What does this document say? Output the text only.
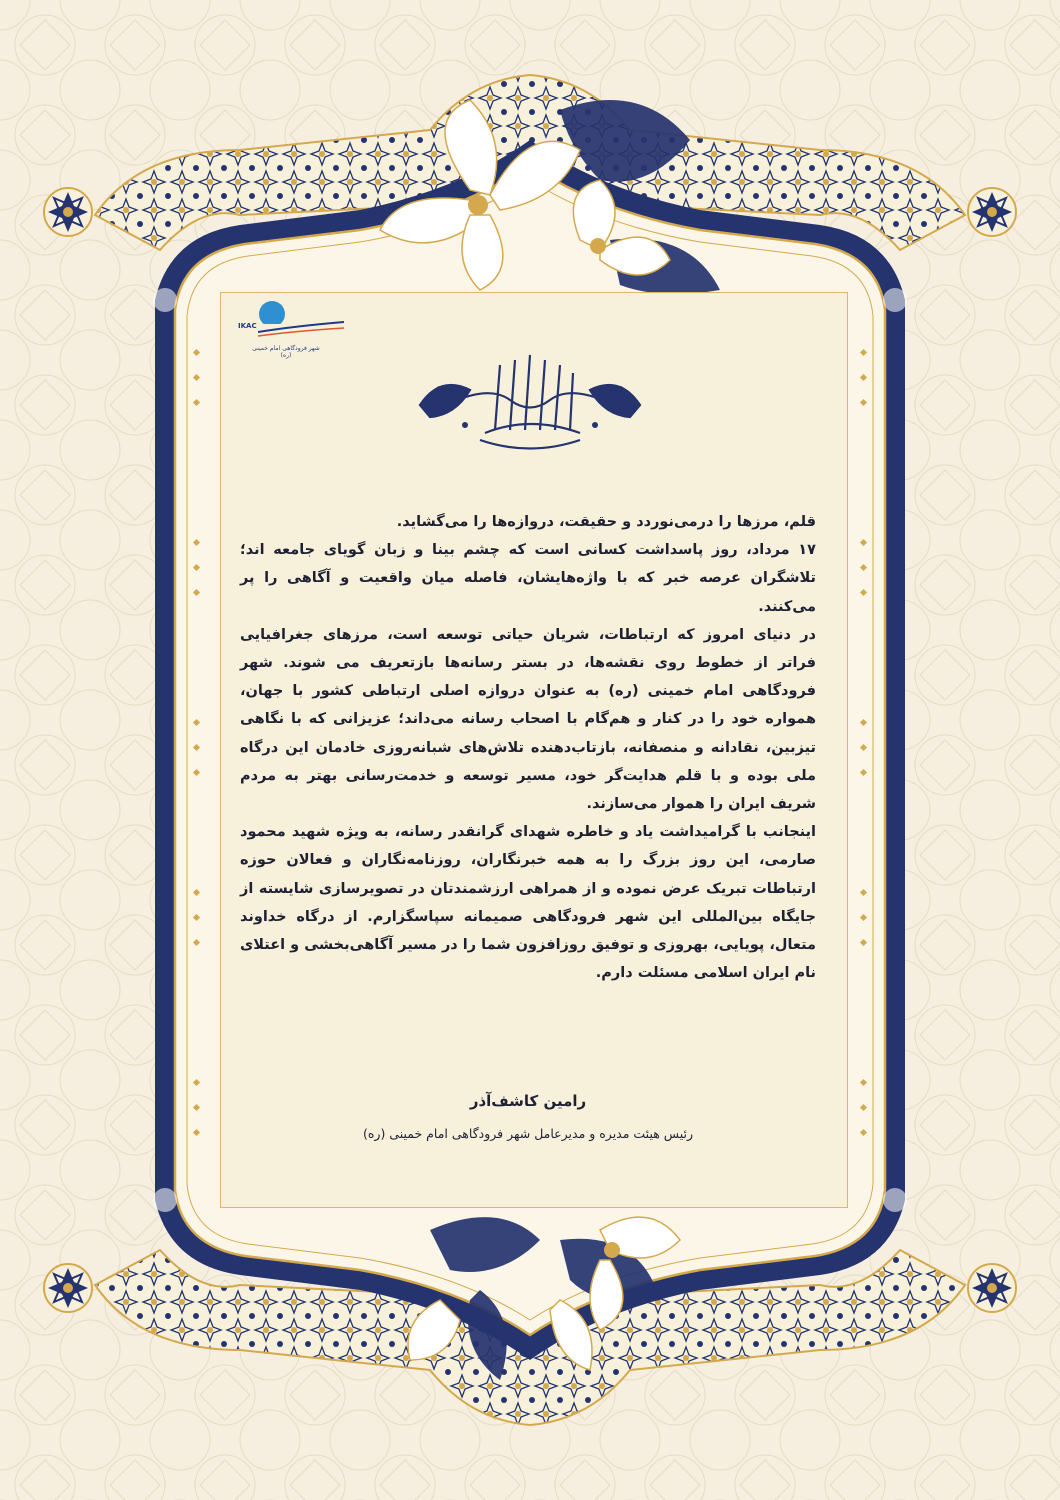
IKAC
شهر فرودگاهی امام خمینی (ره)

قلم، مرزها را درمی‌نوردد و حقیقت، دروازه‌ها را می‌گشاید.

۱۷ مرداد، روز پاسداشت کسانی است که چشم بینا و زبان گویای جامعه اند؛ تلاشگران عرصه خبر که با واژه‌هایشان، فاصله میان واقعیت و آگاهی را پر می‌کنند.

در دنیای امروز که ارتباطات، شریان حیاتی توسعه است، مرزهای جغرافیایی فراتر از خطوط روی نقشه‌ها، در بستر رسانه‌ها بازتعریف می شوند. شهر فرودگاهی امام خمینی (ره) به عنوان دروازه اصلی ارتباطی کشور با جهان، همواره خود را در کنار و هم‌گام با اصحاب رسانه می‌داند؛ عزیزانی که با نگاهی تیزبین، نقادانه و منصفانه، بازتاب‌دهنده تلاش‌های شبانه‌روزی خادمان این درگاه ملی بوده و با قلم هدایت‌گر خود، مسیر توسعه و خدمت‌رسانی بهتر به مردم شریف ایران را هموار می‌سازند.

اینجانب با گرامیداشت یاد و خاطره شهدای گرانقدر رسانه، به ویژه شهید محمود صارمی، این روز بزرگ را به همه خبرنگاران، روزنامه‌نگاران و فعالان حوزه ارتباطات تبریک عرض نموده و از همراهی ارزشمندتان در تصویرسازی شایسته از جایگاه بین‌المللی این شهر فرودگاهی صمیمانه سپاسگزارم. از درگاه خداوند متعال، پویایی، بهروزی و توفیق روزافزون شما را در مسیر آگاهی‌بخشی و اعتلای نام ایران اسلامی مسئلت دارم.

رامین کاشف‌آذر
رئیس هیئت مدیره و مدیرعامل شهر فرودگاهی امام خمینی (ره)
